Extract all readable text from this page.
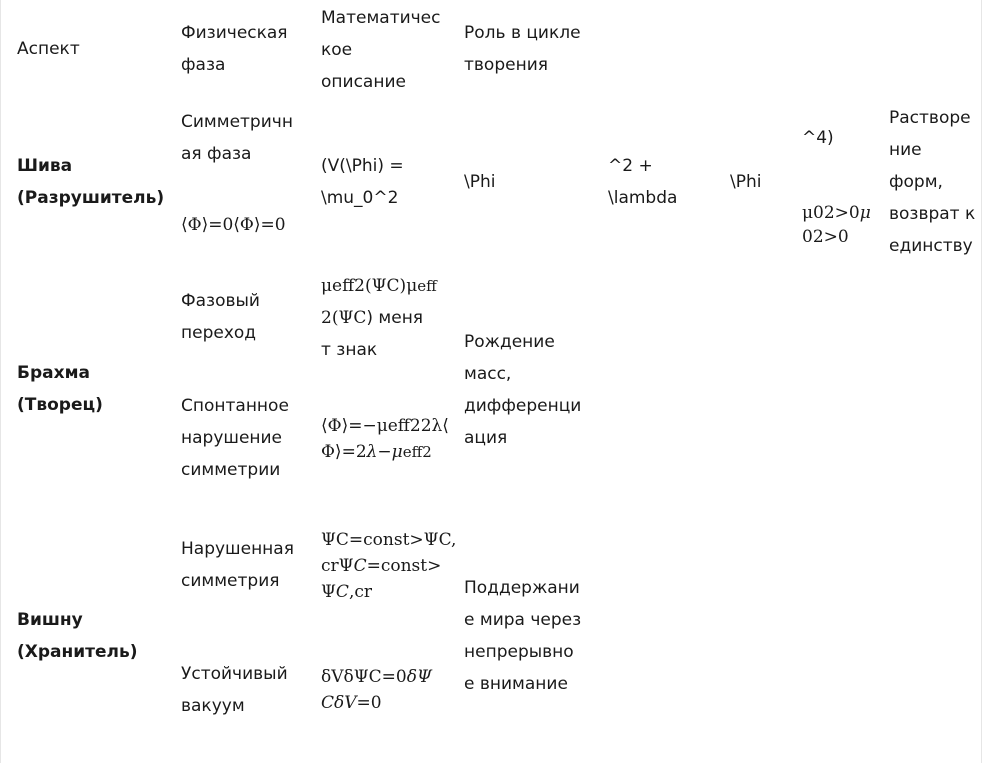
Аспект
Физическая
фаза
Математичес
кое
описание
Роль в цикле
творения
Шива
(Разрушитель)
Симметричн
ая фаза
⟨Φ⟩=0⟨Φ⟩=0
(V(\Phi) =
\mu_0^2
\Phi
^2 +
\lambda
\Phi
^4)
μ02>0μ
02>0
Растворе
ние
форм,
возврат к
единству
Брахма
(Творец)
Фазовый
переход
Спонтанное
нарушение
симметрии
μeff2(ΨC)μeff
2(ΨC) меня
т знак
⟨Φ⟩=−μeff22λ⟨
Φ⟩=2λ−μeff2
Рождение
масс,
дифференци
ация
Вишну
(Хранитель)
Нарушенная
симметрия
Устойчивый
вакуум
ΨC=const>ΨC,
crΨC=const>
ΨC,cr
δVδΨC=0δΨ
CδV=0
Поддержани
е мира через
непрерывно
е внимание
